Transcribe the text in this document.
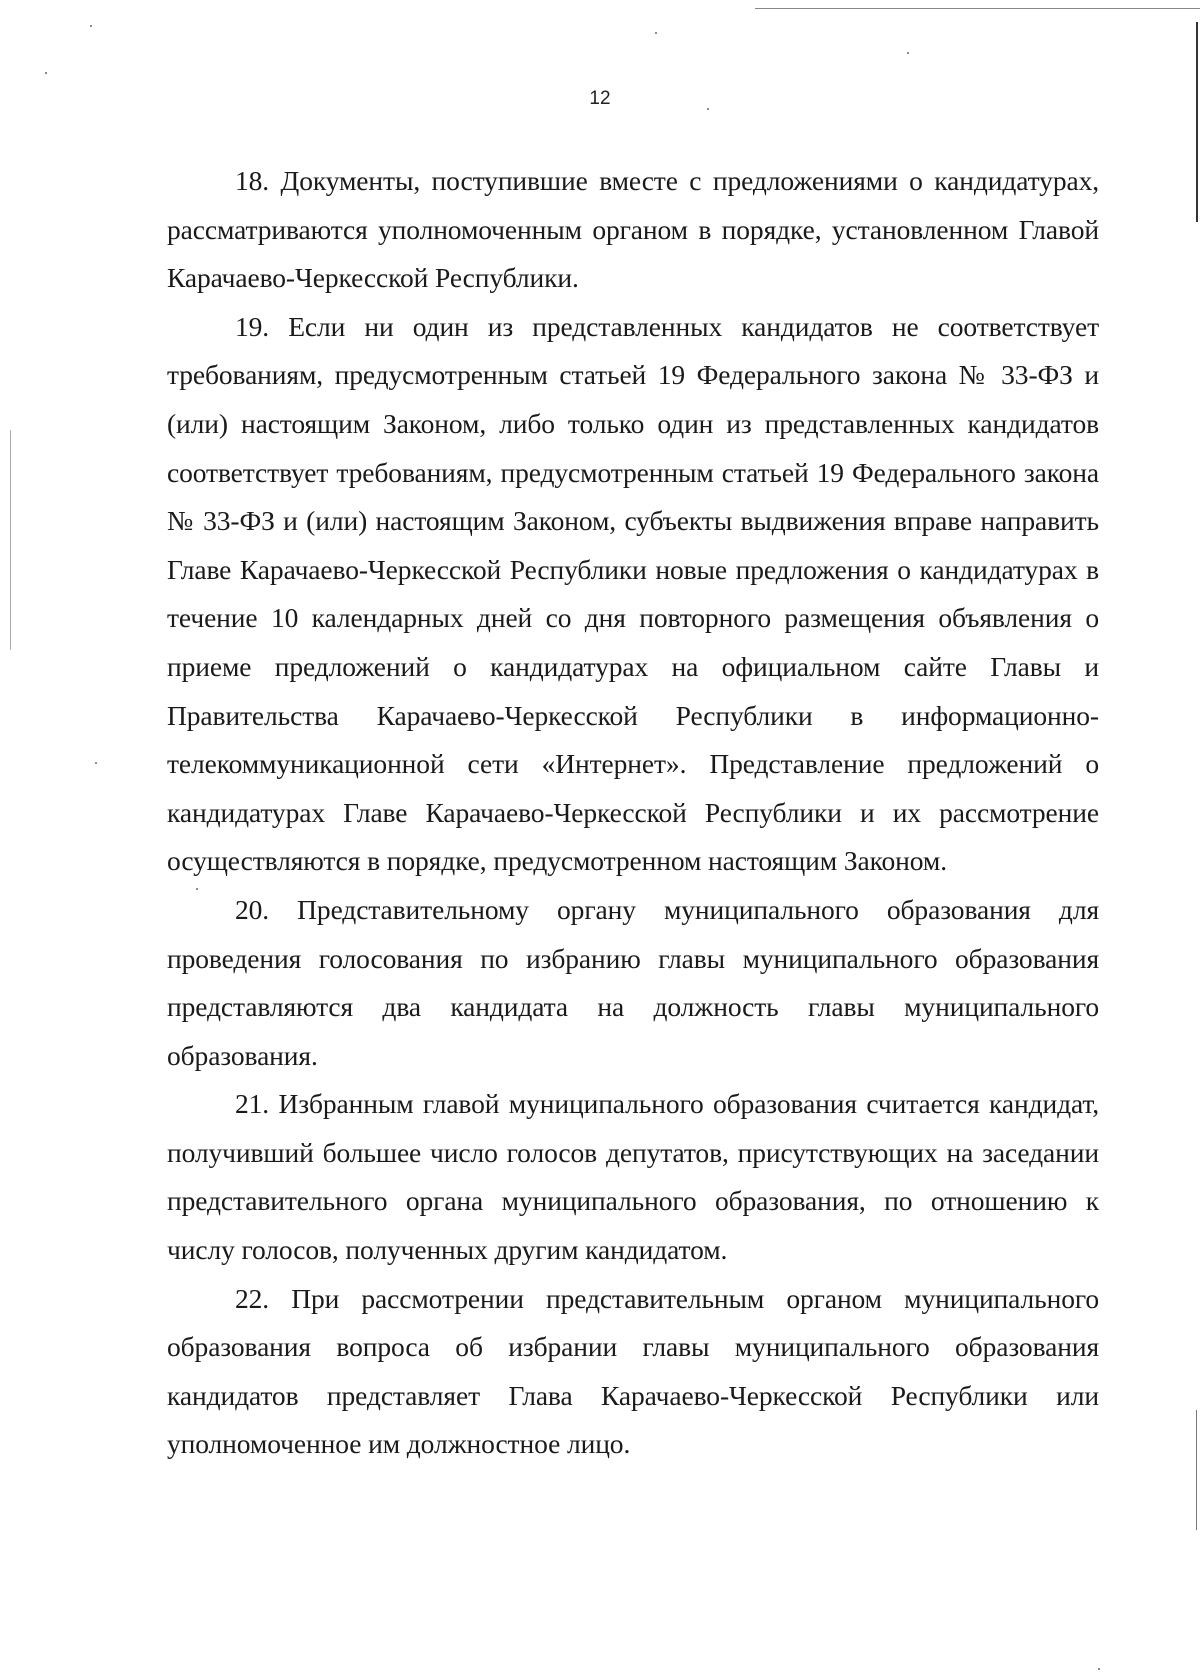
12

18. Документы, поступившие вместе с предложениями о кандидатурах, рассматриваются уполномоченным органом в порядке, установленном Главой Карачаево-Черкесской Республики.

19. Если ни один из представленных кандидатов не соответствует требованиям, предусмотренным статьей 19 Федерального закона № 33-ФЗ и (или) настоящим Законом, либо только один из представленных кандидатов соответствует требованиям, предусмотренным статьей 19 Федерального закона № 33-ФЗ и (или) настоящим Законом, субъекты выдвижения вправе направить Главе Карачаево-Черкесской Республики новые предложения о кандидатурах в течение 10 календарных дней со дня повторного размещения объявления о приеме предложений о кандидатурах на официальном сайте Главы и Правительства Карачаево-Черкесской Республики в информационно-телекоммуникационной сети «Интернет». Представление предложений о кандидатурах Главе Карачаево-Черкесской Республики и их рассмотрение осуществляются в порядке, предусмотренном настоящим Законом.

20. Представительному органу муниципального образования для проведения голосования по избранию главы муниципального образования представляются два кандидата на должность главы муниципального образования.

21. Избранным главой муниципального образования считается кандидат, получивший большее число голосов депутатов, присутствующих на заседании представительного органа муниципального образования, по отношению к числу голосов, полученных другим кандидатом.

22. При рассмотрении представительным органом муниципального образования вопроса об избрании главы муниципального образования кандидатов представляет Глава Карачаево-Черкесской Республики или уполномоченное им должностное лицо.
